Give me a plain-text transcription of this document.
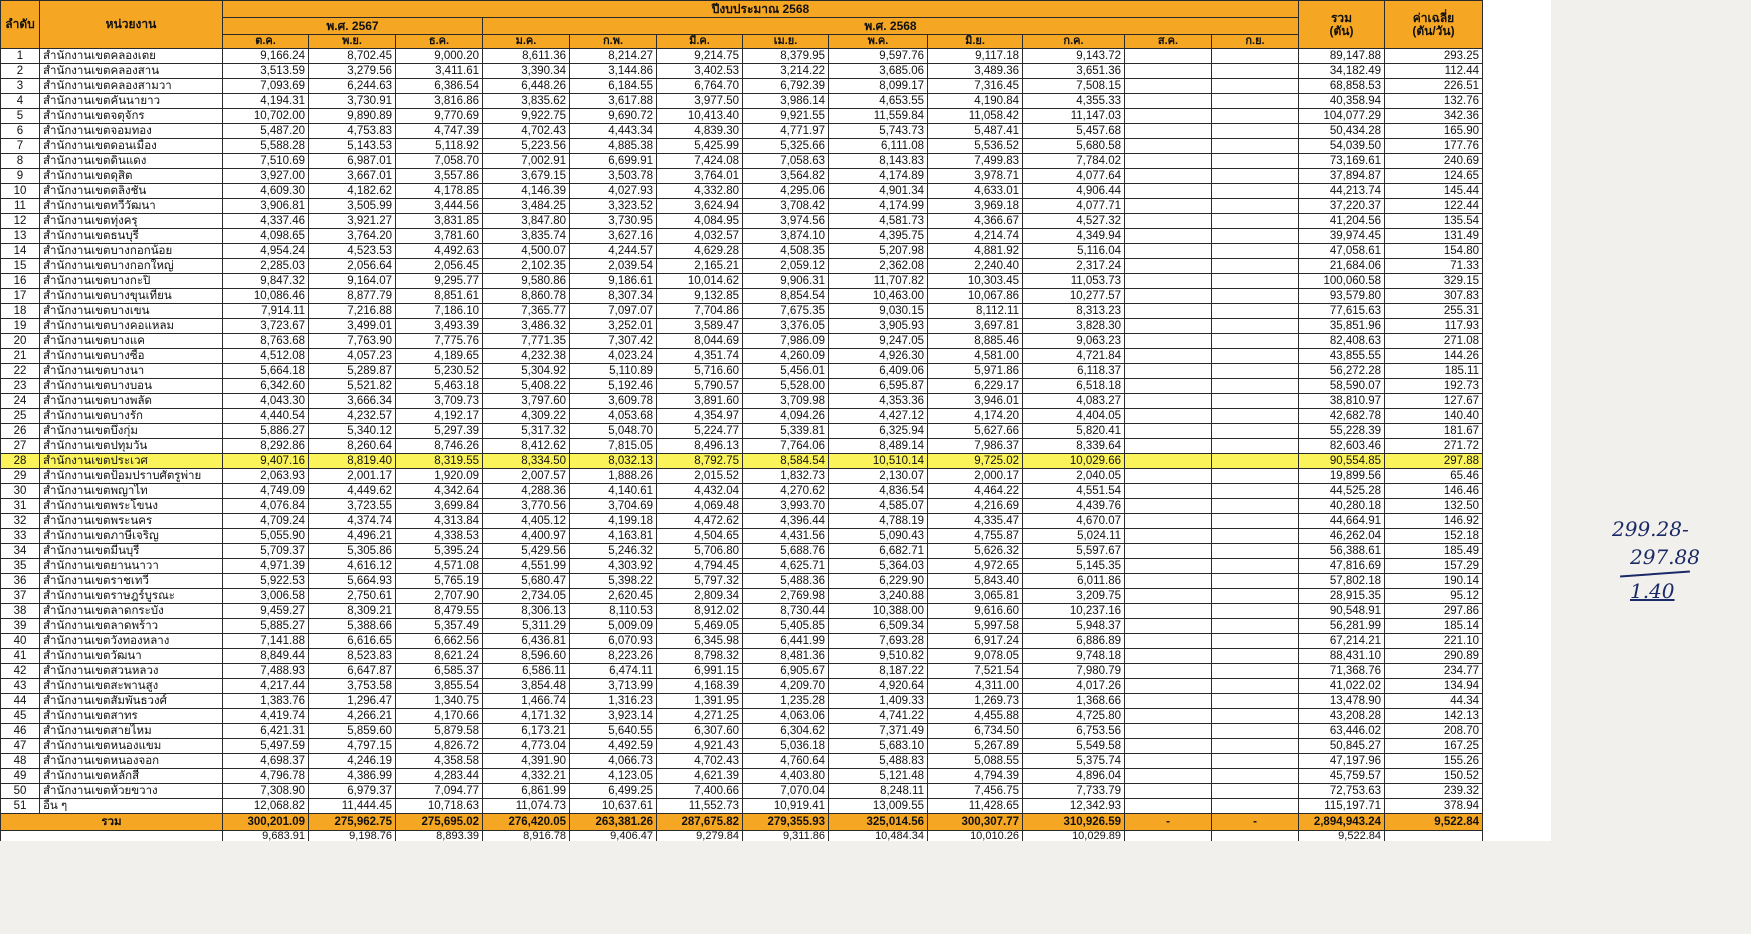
ลำดับ	หน่วยงาน	ปีงบประมาณ 2568												รวม
(ตัน)	ค่าเฉลี่ย
(ตัน/วัน)
		พ.ศ. 2567			พ.ศ. 2568										
		ต.ค.	พ.ย.	ธ.ค.	ม.ค.	ก.พ.	มี.ค.	เม.ย.	พ.ค.	มิ.ย.	ก.ค.	ส.ค.	ก.ย.		
1	สำนักงานเขตคลองเตย	9,166.24	8,702.45	9,000.20	8,611.36	8,214.27	9,214.75	8,379.95	9,597.76	9,117.18	9,143.72			89,147.88	293.25
2	สำนักงานเขตคลองสาน	3,513.59	3,279.56	3,411.61	3,390.34	3,144.86	3,402.53	3,214.22	3,685.06	3,489.36	3,651.36			34,182.49	112.44
3	สำนักงานเขตคลองสามวา	7,093.69	6,244.63	6,386.54	6,448.26	6,184.55	6,764.70	6,792.39	8,099.17	7,316.45	7,508.15			68,858.53	226.51
4	สำนักงานเขตคันนายาว	4,194.31	3,730.91	3,816.86	3,835.62	3,617.88	3,977.50	3,986.14	4,653.55	4,190.84	4,355.33			40,358.94	132.76
5	สำนักงานเขตจตุจักร	10,702.00	9,890.89	9,770.69	9,922.75	9,690.72	10,413.40	9,921.55	11,559.84	11,058.42	11,147.03			104,077.29	342.36
6	สำนักงานเขตจอมทอง	5,487.20	4,753.83	4,747.39	4,702.43	4,443.34	4,839.30	4,771.97	5,743.73	5,487.41	5,457.68			50,434.28	165.90
7	สำนักงานเขตดอนเมือง	5,588.28	5,143.53	5,118.92	5,223.56	4,885.38	5,425.99	5,325.66	6,111.08	5,536.52	5,680.58			54,039.50	177.76
8	สำนักงานเขตดินแดง	7,510.69	6,987.01	7,058.70	7,002.91	6,699.91	7,424.08	7,058.63	8,143.83	7,499.83	7,784.02			73,169.61	240.69
9	สำนักงานเขตดุสิต	3,927.00	3,667.01	3,557.86	3,679.15	3,503.78	3,764.01	3,564.82	4,174.89	3,978.71	4,077.64			37,894.87	124.65
10	สำนักงานเขตตลิ่งชัน	4,609.30	4,182.62	4,178.85	4,146.39	4,027.93	4,332.80	4,295.06	4,901.34	4,633.01	4,906.44			44,213.74	145.44
11	สำนักงานเขตทวีวัฒนา	3,906.81	3,505.99	3,444.56	3,484.25	3,323.52	3,624.94	3,708.42	4,174.99	3,969.18	4,077.71			37,220.37	122.44
12	สำนักงานเขตทุ่งครุ	4,337.46	3,921.27	3,831.85	3,847.80	3,730.95	4,084.95	3,974.56	4,581.73	4,366.67	4,527.32			41,204.56	135.54
13	สำนักงานเขตธนบุรี	4,098.65	3,764.20	3,781.60	3,835.74	3,627.16	4,032.57	3,874.10	4,395.75	4,214.74	4,349.94			39,974.45	131.49
14	สำนักงานเขตบางกอกน้อย	4,954.24	4,523.53	4,492.63	4,500.07	4,244.57	4,629.28	4,508.35	5,207.98	4,881.92	5,116.04			47,058.61	154.80
15	สำนักงานเขตบางกอกใหญ่	2,285.03	2,056.64	2,056.45	2,102.35	2,039.54	2,165.21	2,059.12	2,362.08	2,240.40	2,317.24			21,684.06	71.33
16	สำนักงานเขตบางกะปิ	9,847.32	9,164.07	9,295.77	9,580.86	9,186.61	10,014.62	9,906.31	11,707.82	10,303.45	11,053.73			100,060.58	329.15
17	สำนักงานเขตบางขุนเทียน	10,086.46	8,877.79	8,851.61	8,860.78	8,307.34	9,132.85	8,854.54	10,463.00	10,067.86	10,277.57			93,579.80	307.83
18	สำนักงานเขตบางเขน	7,914.11	7,216.88	7,186.10	7,365.77	7,097.07	7,704.86	7,675.35	9,030.15	8,112.11	8,313.23			77,615.63	255.31
19	สำนักงานเขตบางคอแหลม	3,723.67	3,499.01	3,493.39	3,486.32	3,252.01	3,589.47	3,376.05	3,905.93	3,697.81	3,828.30			35,851.96	117.93
20	สำนักงานเขตบางแค	8,763.68	7,763.90	7,775.76	7,771.35	7,307.42	8,044.69	7,986.09	9,247.05	8,885.46	9,063.23			82,408.63	271.08
21	สำนักงานเขตบางซื่อ	4,512.08	4,057.23	4,189.65	4,232.38	4,023.24	4,351.74	4,260.09	4,926.30	4,581.00	4,721.84			43,855.55	144.26
22	สำนักงานเขตบางนา	5,664.18	5,289.87	5,230.52	5,304.92	5,110.89	5,716.60	5,456.01	6,409.06	5,971.86	6,118.37			56,272.28	185.11
23	สำนักงานเขตบางบอน	6,342.60	5,521.82	5,463.18	5,408.22	5,192.46	5,790.57	5,528.00	6,595.87	6,229.17	6,518.18			58,590.07	192.73
24	สำนักงานเขตบางพลัด	4,043.30	3,666.34	3,709.73	3,797.60	3,609.78	3,891.60	3,709.98	4,353.36	3,946.01	4,083.27			38,810.97	127.67
25	สำนักงานเขตบางรัก	4,440.54	4,232.57	4,192.17	4,309.22	4,053.68	4,354.97	4,094.26	4,427.12	4,174.20	4,404.05			42,682.78	140.40
26	สำนักงานเขตบึงกุ่ม	5,886.27	5,340.12	5,297.39	5,317.32	5,048.70	5,224.77	5,339.81	6,325.94	5,627.66	5,820.41			55,228.39	181.67
27	สำนักงานเขตปทุมวัน	8,292.86	8,260.64	8,746.26	8,412.62	7,815.05	8,496.13	7,764.06	8,489.14	7,986.37	8,339.64			82,603.46	271.72
28	สำนักงานเขตประเวศ	9,407.16	8,819.40	8,319.55	8,334.50	8,032.13	8,792.75	8,584.54	10,510.14	9,725.02	10,029.66			90,554.85	297.88
29	สำนักงานเขตป้อมปราบศัตรูพ่าย	2,063.93	2,001.17	1,920.09	2,007.57	1,888.26	2,015.52	1,832.73	2,130.07	2,000.17	2,040.05			19,899.56	65.46
30	สำนักงานเขตพญาไท	4,749.09	4,449.62	4,342.64	4,288.36	4,140.61	4,432.04	4,270.62	4,836.54	4,464.22	4,551.54			44,525.28	146.46
31	สำนักงานเขตพระโขนง	4,076.84	3,723.55	3,699.84	3,770.56	3,704.69	4,069.48	3,993.70	4,585.07	4,216.69	4,439.76			40,280.18	132.50
32	สำนักงานเขตพระนคร	4,709.24	4,374.74	4,313.84	4,405.12	4,199.18	4,472.62	4,396.44	4,788.19	4,335.47	4,670.07			44,664.91	146.92
33	สำนักงานเขตภาษีเจริญ	5,055.90	4,496.21	4,338.53	4,400.97	4,163.81	4,504.65	4,431.56	5,090.43	4,755.87	5,024.11			46,262.04	152.18
34	สำนักงานเขตมีนบุรี	5,709.37	5,305.86	5,395.24	5,429.56	5,246.32	5,706.80	5,688.76	6,682.71	5,626.32	5,597.67			56,388.61	185.49
35	สำนักงานเขตยานนาวา	4,971.39	4,616.12	4,571.08	4,551.99	4,303.92	4,794.45	4,625.71	5,364.03	4,972.65	5,145.35			47,816.69	157.29
36	สำนักงานเขตราชเทวี	5,922.53	5,664.93	5,765.19	5,680.47	5,398.22	5,797.32	5,488.36	6,229.90	5,843.40	6,011.86			57,802.18	190.14
37	สำนักงานเขตราษฎร์บูรณะ	3,006.58	2,750.61	2,707.90	2,734.05	2,620.45	2,809.34	2,769.98	3,240.88	3,065.81	3,209.75			28,915.35	95.12
38	สำนักงานเขตลาดกระบัง	9,459.27	8,309.21	8,479.55	8,306.13	8,110.53	8,912.02	8,730.44	10,388.00	9,616.60	10,237.16			90,548.91	297.86
39	สำนักงานเขตลาดพร้าว	5,885.27	5,388.66	5,357.49	5,311.29	5,009.09	5,469.05	5,405.85	6,509.34	5,997.58	5,948.37			56,281.99	185.14
40	สำนักงานเขตวังทองหลาง	7,141.88	6,616.65	6,662.56	6,436.81	6,070.93	6,345.98	6,441.99	7,693.28	6,917.24	6,886.89			67,214.21	221.10
41	สำนักงานเขตวัฒนา	8,849.44	8,523.83	8,621.24	8,596.60	8,223.26	8,798.32	8,481.36	9,510.82	9,078.05	9,748.18			88,431.10	290.89
42	สำนักงานเขตสวนหลวง	7,488.93	6,647.87	6,585.37	6,586.11	6,474.11	6,991.15	6,905.67	8,187.22	7,521.54	7,980.79			71,368.76	234.77
43	สำนักงานเขตสะพานสูง	4,217.44	3,753.58	3,855.54	3,854.48	3,713.99	4,168.39	4,209.70	4,920.64	4,311.00	4,017.26			41,022.02	134.94
44	สำนักงานเขตสัมพันธวงศ์	1,383.76	1,296.47	1,340.75	1,466.74	1,316.23	1,391.95	1,235.28	1,409.33	1,269.73	1,368.66			13,478.90	44.34
45	สำนักงานเขตสาทร	4,419.74	4,266.21	4,170.66	4,171.32	3,923.14	4,271.25	4,063.06	4,741.22	4,455.88	4,725.80			43,208.28	142.13
46	สำนักงานเขตสายไหม	6,421.31	5,859.60	5,879.58	6,173.21	5,640.55	6,307.60	6,304.62	7,371.49	6,734.50	6,753.56			63,446.02	208.70
47	สำนักงานเขตหนองแขม	5,497.59	4,797.15	4,826.72	4,773.04	4,492.59	4,921.43	5,036.18	5,683.10	5,267.89	5,549.58			50,845.27	167.25
48	สำนักงานเขตหนองจอก	4,698.37	4,246.19	4,358.58	4,391.90	4,066.73	4,702.43	4,760.64	5,488.83	5,088.55	5,375.74			47,197.96	155.26
49	สำนักงานเขตหลักสี่	4,796.78	4,386.99	4,283.44	4,332.21	4,123.05	4,621.39	4,403.80	5,121.48	4,794.39	4,896.04			45,759.57	150.52
50	สำนักงานเขตห้วยขวาง	7,308.90	6,979.37	7,094.77	6,861.99	6,499.25	7,400.66	7,070.04	8,248.11	7,456.75	7,733.79			72,753.63	239.32
51	อื่น ๆ	12,068.82	11,444.45	10,718.63	11,074.73	10,637.61	11,552.73	10,919.41	13,009.55	11,428.65	12,342.93			115,197.71	378.94
รวม		300,201.09	275,962.75	275,695.02	276,420.05	263,381.26	287,675.82	279,355.93	325,014.56	300,307.77	310,926.59	-	-	2,894,943.24	9,522.84
		9,683.91	9,198.76	8,893.39	8,916.78	9,406.47	9,279.84	9,311.86	10,484.34	10,010.26	10,029.89			9,522.84	
299.28-
297.88
1.40
